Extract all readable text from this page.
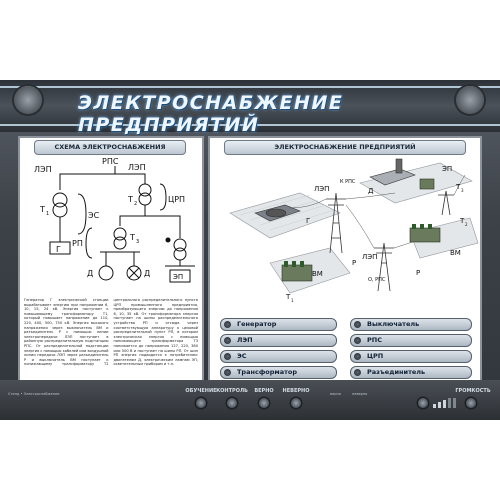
ЭЛЕКТРОСНАБЖЕНИЕ ПРЕДПРИЯТИЙ
СХЕМА ЭЛЕКТРОСНАБЖЕНИЯ
ЛЭП
РПС
ЛЭП
Т 1	ЭС
Г
Т 2	ЦРП
РП
Т 3
Д	Д	ЭП
Генератор Г электрической станции вырабатывает энергию при напряжении 6, 10, 15, 24 кВ. Энергия поступает к повышающему трансформатору Т1, который повышает напряжение до 110, 220, 400, 500, 750 кВ. Энергия высокого напряжения через выключатель ВМ и разъединитель Р с помощью линии электропередачи ЛЭП поступает в районную распределительную подстанцию РПС. От распределительной подстанции энергия с помощью кабелей или воздушной линии передачи ЛЭП через разъединитель Р и выключатель ВМ поступает к понижающему трансформатору Т2 центрального распределительного пункта ЦРП промышленного предприятия, преобразующего энергию до напряжения 6, 10, 35 кВ. От трансформатора энергия поступает на шины распределительного устройства РП и отсюда через соответствующую аппаратуру к цеховой распределительной пункт РП, в котором электрическая энергия с помощью понижающего трансформатора Т3 понижается до напряжения 127, 220, 380 или 500 В и поступает на шины РП. От шин РП энергия подводится к потребителям: двигателям Д, электрическим лампам ЭП, осветительным приборам и т.п.
ЭЛЕКТРОСНАБЖЕНИЕ ПРЕДПРИЯТИЙ
ЭП
Д	Т 3
К РПС
ЛЭП
Г
Р
Т 2
ВМ
ЛЭП
О, РПС
Р
ВМ
Т 1
Генератор	Выключатель
ЛЭП	РПС
ЭС	ЦРП
Трансформатор	Разъединитель
Стенд • Электроснабжение	ОБУЧЕНИЕ КОНТРОЛЬ	ВЕРНО	НЕВЕРНО	верно	неверно	ГРОМКОСТЬ
